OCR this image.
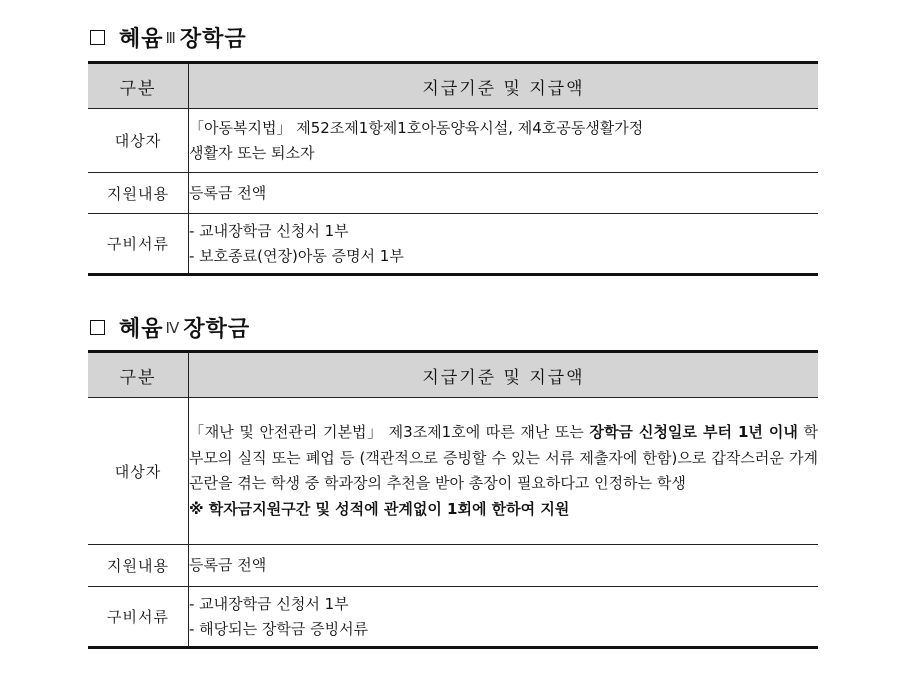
혜윰 Ⅲ 장학금
구분	지급기준 및 지급액
대상자	「아동복지법」 제52조제1항제1호아동양육시설, 제4호공동생활가정
생활자 또는 퇴소자

지원내용	등록금 전액
구비서류	- 교내장학금 신청서 1부
- 보호종료(연장)아동 증명서 1부
혜윰 Ⅳ 장학금
구분	지급기준 및 지급액
대상자	「재난 및 안전관리 기본법」 제3조제1호에 따른 재난 또는 장학금 신청일로 부터 1년 이내 학부모의 실직 또는 폐업 등 (객관적으로 증빙할 수 있는 서류 제출자에 한함)으로 갑작스러운 가계 곤란을 겪는 학생 중 학과장의 추천을 받아 총장이 필요하다고 인정하는 학생
※ 학자금지원구간 및 성적에 관계없이 1회에 한하여 지원

지원내용	등록금 전액
구비서류	- 교내장학금 신청서 1부
- 해당되는 장학금 증빙서류
